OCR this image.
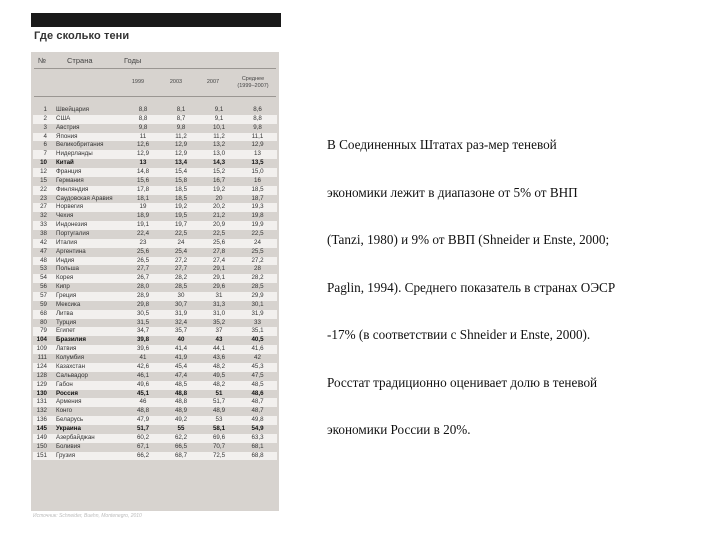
Где сколько тени
№	Страна	Годы
1999	2003	2007	Среднее (1999–2007)
1	Швейцария	8,8	8,1	9,1	8,6
2	США	8,8	8,7	9,1	8,8
3	Австрия	9,8	9,8	10,1	9,8
4	Япония	11	11,2	11,2	11,1
6	Великобритания	12,6	12,9	13,2	12,9
7	Нидерланды	12,9	12,9	13,0	13
10	Китай	13	13,4	14,3	13,5
12	Франция	14,8	15,4	15,2	15,0
15	Германия	15,6	15,8	16,7	16
22	Финляндия	17,8	18,5	19,2	18,5
23	Саудовская Аравия	18,1	18,5	20	18,7
27	Норвегия	19	19,2	20,2	19,3
32	Чехия	18,9	19,5	21,2	19,8
33	Индонезия	19,1	19,7	20,9	19,9
38	Португалия	22,4	22,5	22,5	22,5
42	Италия	23	24	25,6	24
47	Аргентина	25,6	25,4	27,8	25,5
48	Индия	26,5	27,2	27,4	27,2
53	Польша	27,7	27,7	29,1	28
54	Корея	26,7	28,2	29,1	28,2
56	Кипр	28,0	28,5	29,6	28,5
57	Греция	28,9	30	31	29,9
59	Мексика	29,8	30,7	31,3	30,1
68	Литва	30,5	31,9	31,0	31,9
80	Турция	31,5	32,4	35,2	33
79	Египет	34,7	35,7	37	35,1
104	Бразилия	39,8	40	43	40,5
109	Латвия	39,6	41,4	44,1	41,6
111	Колумбия	41	41,9	43,6	42
124	Казахстан	42,6	45,4	48,2	45,3
128	Сальвадор	46,1	47,4	49,5	47,5
129	Габон	49,6	48,5	48,2	48,5
130	Россия	45,1	48,8	51	48,6
131	Армения	46	48,8	51,7	48,7
132	Конго	48,8	48,9	48,9	48,7
136	Беларусь	47,9	49,2	53	49,8
145	Украина	51,7	55	58,1	54,9
149	Азербайджан	60,2	62,2	69,6	63,3
150	Боливия	67,1	66,5	70,7	68,1
151	Грузия	66,2	68,7	72,5	68,8
Источник: Schneider, Buehn, Montenegro, 2010

В Соединенных Штатах раз-мер теневой

экономики лежит в диапазоне от 5% от ВНП

(Tanzi, 1980) и 9% от ВВП (Shneider и Enste, 2000;

Paglin, 1994). Среднего показатель в странах ОЭСР

-17% (в соответствии с Shneider и Enste, 2000).

Росстат традиционно оценивает долю в теневой

экономики России в 20%.
